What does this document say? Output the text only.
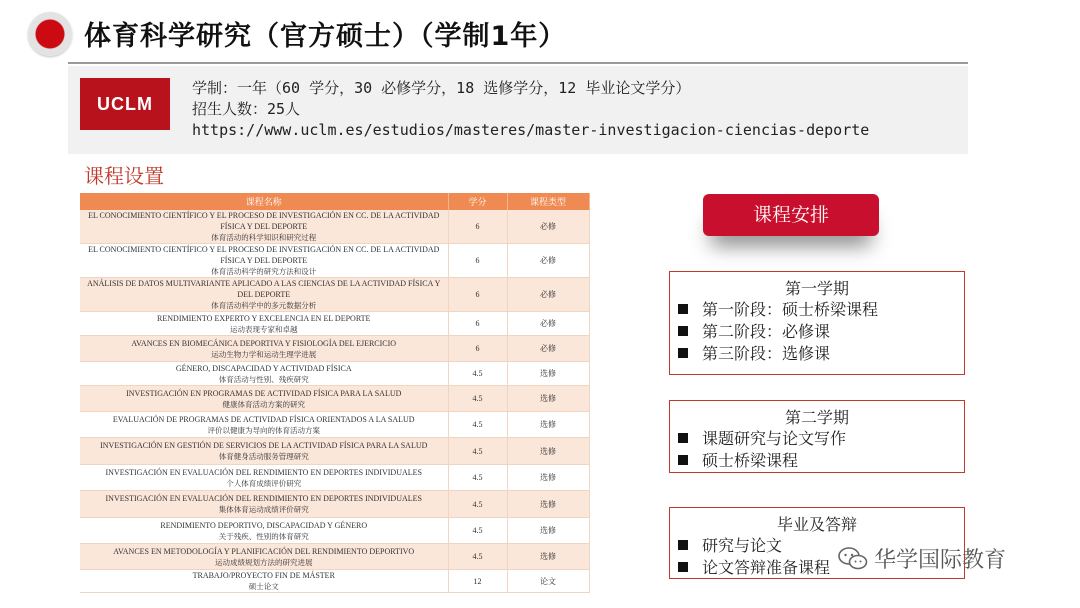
体育科学研究（官方硕士）（学制1年）
UCLM
学制：一年（60 学分，30 必修学分，18 选修学分，12 毕业论文学分）
招生人数：25人
https://www.uclm.es/estudios/masteres/master-investigacion-ciencias-deporte
课程设置
课程名称	学分	课程类型

EL CONOCIMIENTO CIENTÍFICO Y EL PROCESO DE INVESTIGACIÓN EN CC. DE LA ACTIVIDAD FÍSICA Y DEL DEPORTE
体育活动的科学知识和研究过程	6	必修

EL CONOCIMIENTO CIENTÍFICO Y EL PROCESO DE INVESTIGACIÓN EN CC. DE LA ACTIVIDAD FÍSICA Y DEL DEPORTE
体育活动科学的研究方法和设计	6	必修

ANÁLISIS DE DATOS MULTIVARIANTE APLICADO A LAS CIENCIAS DE LA ACTIVIDAD FÍSICA Y DEL DEPORTE
体育活动科学中的多元数据分析	6	必修

RENDIMIENTO EXPERTO Y EXCELENCIA EN EL DEPORTE
运动表现专家和卓越	6	必修

AVANCES EN BIOMECÁNICA DEPORTIVA Y FISIOLOGÍA DEL EJERCICIO
运动生物力学和运动生理学进展	6	必修

GÉNERO, DISCAPACIDAD Y ACTIVIDAD FÍSICA
体育活动与性别、残疾研究	4.5	选修

INVESTIGACIÓN EN PROGRAMAS DE ACTIVIDAD FÍSICA PARA LA SALUD
健康体育活动方案的研究	4.5	选修

EVALUACIÓN DE PROGRAMAS DE ACTIVIDAD FÍSICA ORIENTADOS A LA SALUD
评价以健康为导向的体育活动方案	4.5	选修

INVESTIGACIÓN EN GESTIÓN DE SERVICIOS DE LA ACTIVIDAD FÍSICA PARA LA SALUD
体育健身活动服务管理研究	4.5	选修

INVESTIGACIÓN EN EVALUACIÓN DEL RENDIMIENTO EN DEPORTES INDIVIDUALES
个人体育成绩评价研究	4.5	选修

INVESTIGACIÓN EN EVALUACIÓN DEL RENDIMIENTO EN DEPORTES INDIVIDUALES
集体体育运动成绩评价研究	4.5	选修

RENDIMIENTO DEPORTIVO, DISCAPACIDAD Y GÉNERO
关于残疾、性别的体育研究	4.5	选修

AVANCES EN METODOLOGÍA Y PLANIFICACIÓN DEL RENDIMIENTO DEPORTIVO
运动成绩规划方法的研究进展	4.5	选修

TRABAJO/PROYECTO FIN DE MÁSTER
硕士论文	12	论文
课程安排
第一学期
第一阶段：硕士桥梁课程
第二阶段：必修课
第三阶段：选修课
第二学期
课题研究与论文写作
硕士桥梁课程
毕业及答辩
研究与论文
论文答辩准备课程	华学国际教育
